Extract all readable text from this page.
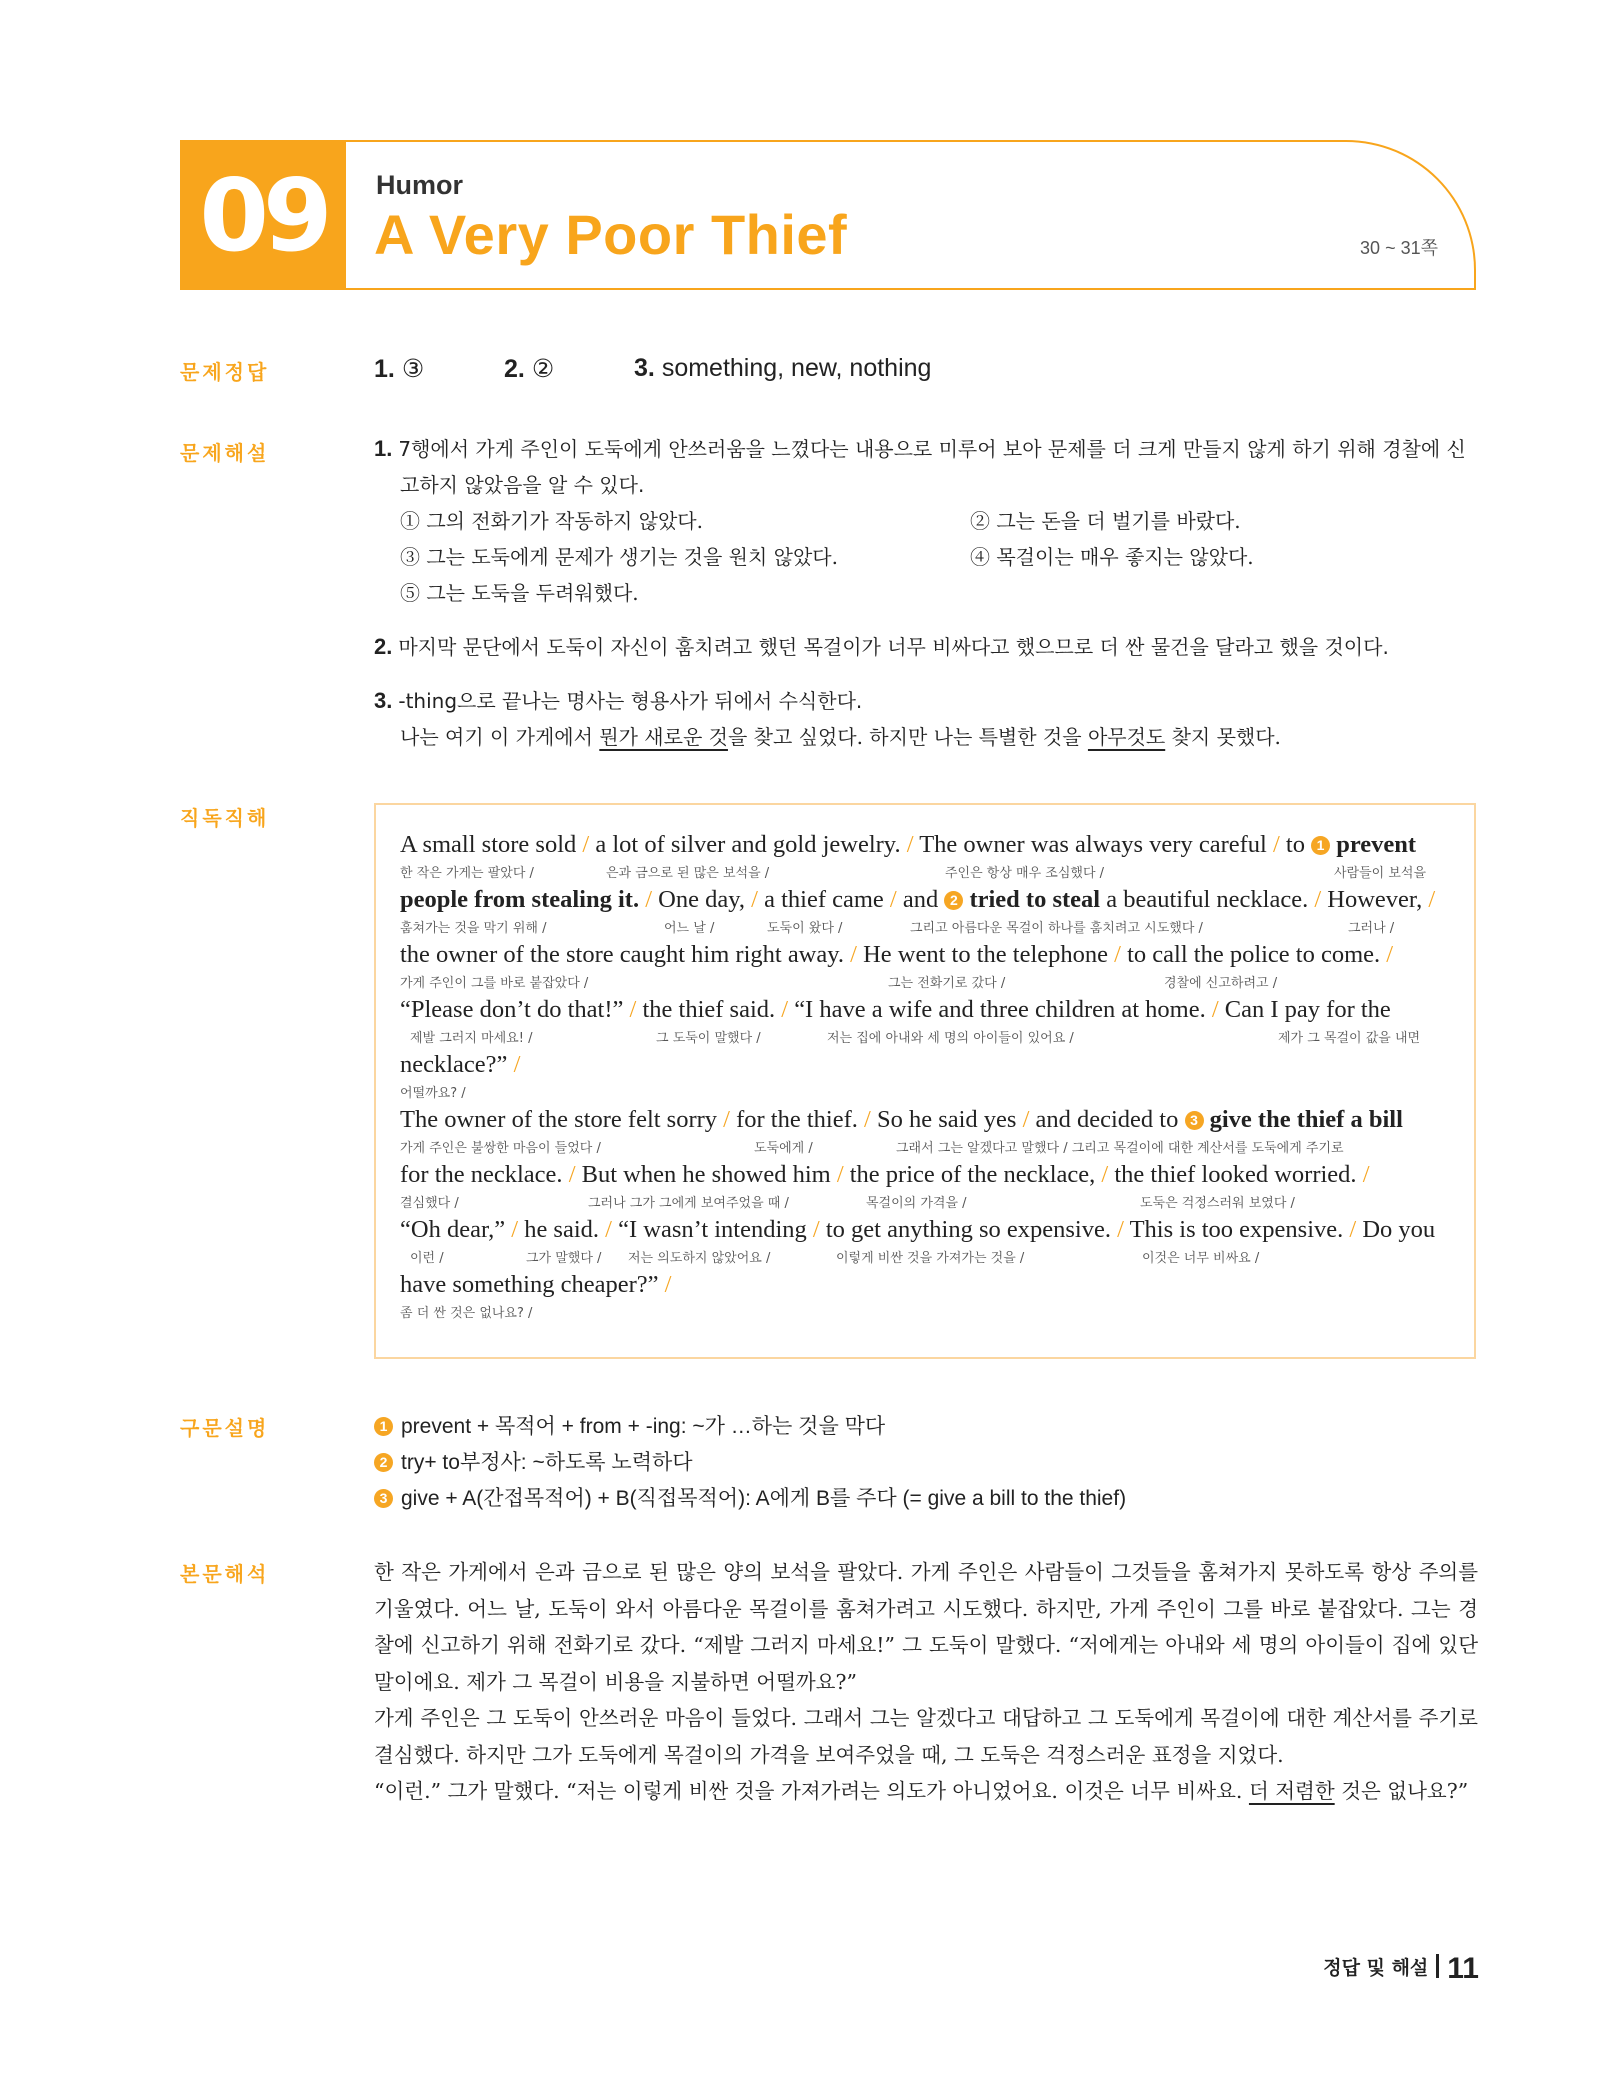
09	Humor
A Very Poor Thief	30 ~ 31쪽
문제정답
문제해설
직독직해
구문설명
본문해석
1. ③	2. ②	3. something, new, nothing
1. 7행에서 가게 주인이 도둑에게 안쓰러움을 느꼈다는 내용으로 미루어 보아 문제를 더 크게 만들지 않게 하기 위해 경찰에 신
고하지 않았음을 알 수 있다.
① 그의 전화기가 작동하지 않았다.	② 그는 돈을 더 벌기를 바랐다.
③ 그는 도둑에게 문제가 생기는 것을 원치 않았다.	④ 목걸이는 매우 좋지는 않았다.
⑤ 그는 도둑을 두려워했다.
2. 마지막 문단에서 도둑이 자신이 훔치려고 했던 목걸이가 너무 비싸다고 했으므로 더 싼 물건을 달라고 했을 것이다.
3. -thing으로 끝나는 명사는 형용사가 뒤에서 수식한다.
나는 여기 이 가게에서 뭔가 새로운 것을 찾고 싶었다. 하지만 나는 특별한 것을 아무것도 찾지 못했다.
A small store sold / a lot of silver and gold jewelry. / The owner was always very careful / to 1 prevent
한 작은 가게는 팔았다 /	은과 금으로 된 많은 보석을 /	주인은 항상 매우 조심했다 /	사람들이 보석을
people from stealing it. / One day, / a thief came / and 2 tried to steal a beautiful necklace. / However, /
훔쳐가는 것을 막기 위해 /	어느 날 /	도둑이 왔다 /	그리고 아름다운 목걸이 하나를 훔치려고 시도했다 /	그러나 /
the owner of the store caught him right away. / He went to the telephone / to call the police to come. /
가게 주인이 그를 바로 붙잡았다 /	그는 전화기로 갔다 /	경찰에 신고하려고 /
“Please don’t do that!” / the thief said. / “I have a wife and three children at home. / Can I pay for the
제발 그러지 마세요! /	그 도둑이 말했다 /	저는 집에 아내와 세 명의 아이들이 있어요 /	제가 그 목걸이 값을 내면
necklace?” /
어떨까요? /
The owner of the store felt sorry / for the thief. / So he said yes / and decided to 3 give the thief a bill
가게 주인은 불쌍한 마음이 들었다 /	도둑에게 /	그래서 그는 알겠다고 말했다 / 그리고 목걸이에 대한 계산서를 도둑에게 주기로
for the necklace. / But when he showed him / the price of the necklace, / the thief looked worried. /
결심했다 /	그러나 그가 그에게 보여주었을 때 /	목걸이의 가격을 /	도둑은 걱정스러워 보였다 /
“Oh dear,” / he said. / “I wasn’t intending / to get anything so expensive. / This is too expensive. / Do you
이런 /	그가 말했다 / 저는 의도하지 않았어요 /	이렇게 비싼 것을 가져가는 것을 /	이것은 너무 비싸요 /
have something cheaper?” /
좀 더 싼 것은 없나요? /
1 prevent + 목적어 + from + -ing: ~가 …하는 것을 막다
2 try+ to부정사: ~하도록 노력하다
3 give + A(간접목적어) + B(직접목적어): A에게 B를 주다 (= give a bill to the thief)

한 작은 가게에서 은과 금으로 된 많은 양의 보석을 팔았다. 가게 주인은 사람들이 그것들을 훔쳐가지 못하도록 항상 주의를 기울였다. 어느 날, 도둑이 와서 아름다운 목걸이를 훔쳐가려고 시도했다. 하지만, 가게 주인이 그를 바로 붙잡았다. 그는 경찰에 신고하기 위해 전화기로 갔다. “제발 그러지 마세요!” 그 도둑이 말했다. “저에게는 아내와 세 명의 아이들이 집에 있단 말이에요. 제가 그 목걸이 비용을 지불하면 어떨까요?”

가게 주인은 그 도둑이 안쓰러운 마음이 들었다. 그래서 그는 알겠다고 대답하고 그 도둑에게 목걸이에 대한 계산서를 주기로 결심했다. 하지만 그가 도둑에게 목걸이의 가격을 보여주었을 때, 그 도둑은 걱정스러운 표정을 지었다.

“이런.” 그가 말했다. “저는 이렇게 비싼 것을 가져가려는 의도가 아니었어요. 이것은 너무 비싸요. 더 저렴한 것은 없나요?”

정답 및 해설 11
